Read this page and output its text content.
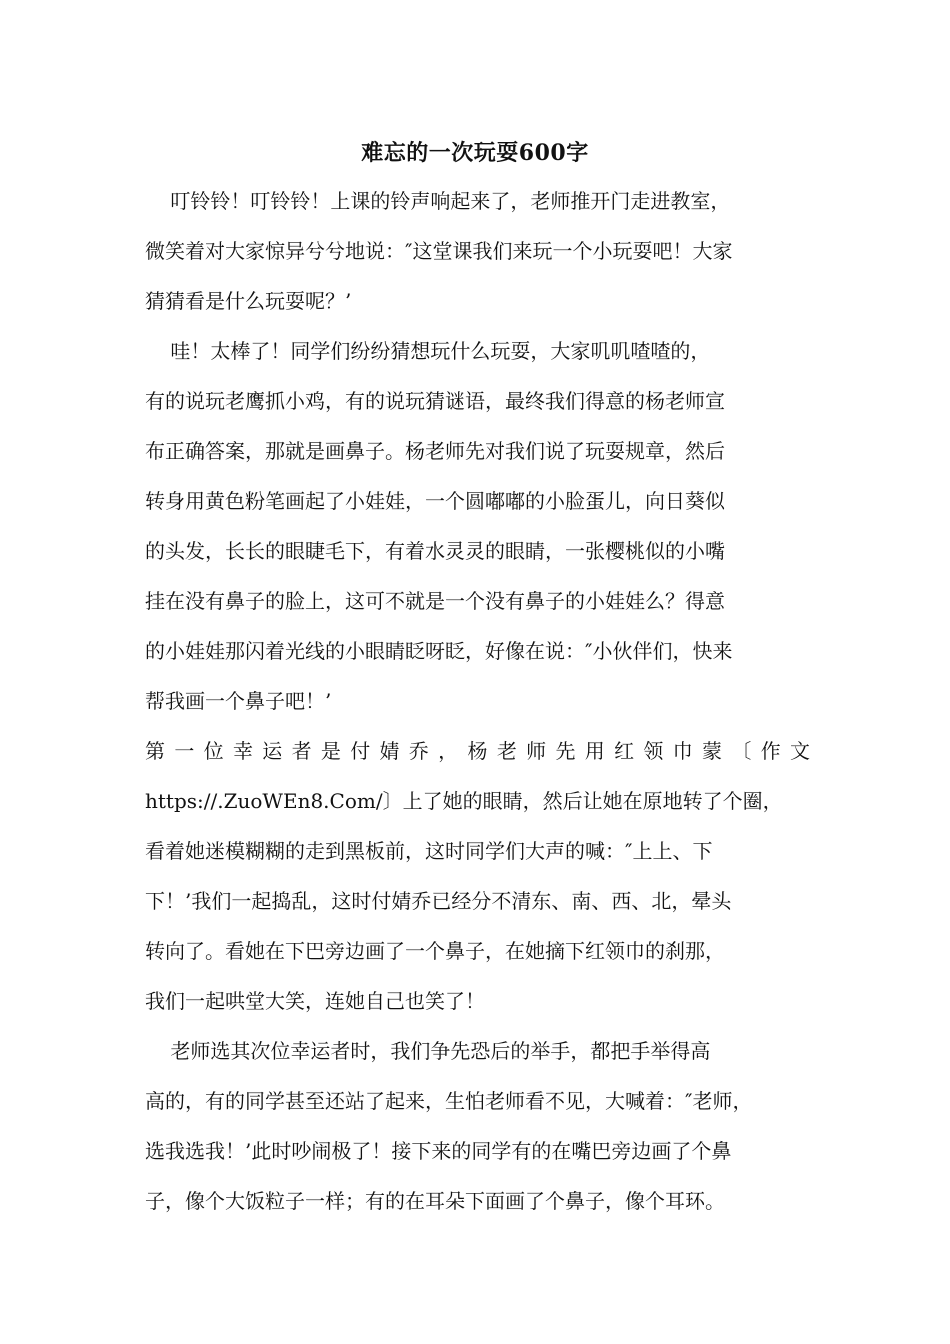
难忘的一次玩耍600字
叮铃铃！叮铃铃！上课的铃声响起来了，老师推开门走进教室，
微笑着对大家惊异兮兮地说：″这堂课我们来玩一个小玩耍吧！大家
猜猜看是什么玩耍呢？’
哇！太棒了！同学们纷纷猜想玩什么玩耍，大家叽叽喳喳的，
有的说玩老鹰抓小鸡，有的说玩猜谜语，最终我们得意的杨老师宣
布正确答案，那就是画鼻子。杨老师先对我们说了玩耍规章，然后
转身用黄色粉笔画起了小娃娃，一个圆嘟嘟的小脸蛋儿，向日葵似
的头发，长长的眼睫毛下，有着水灵灵的眼睛，一张樱桃似的小嘴
挂在没有鼻子的脸上，这可不就是一个没有鼻子的小娃娃么？得意
的小娃娃那闪着光线的小眼睛眨呀眨，好像在说：″小伙伴们，快来
帮我画一个鼻子吧！’
第一位幸运者是付婧乔，杨老师先用红领巾蒙〔作文
https://.ZuoWEn8.Com/〕上了她的眼睛，然后让她在原地转了个圈，
看着她迷模糊糊的走到黑板前，这时同学们大声的喊：″上上、下
下！’我们一起捣乱，这时付婧乔已经分不清东、南、西、北，晕头
转向了。看她在下巴旁边画了一个鼻子，在她摘下红领巾的刹那，
我们一起哄堂大笑，连她自己也笑了！
老师选其次位幸运者时，我们争先恐后的举手，都把手举得高
高的，有的同学甚至还站了起来，生怕老师看不见，大喊着：″老师，
选我选我！’此时吵闹极了！接下来的同学有的在嘴巴旁边画了个鼻
子，像个大饭粒子一样；有的在耳朵下面画了个鼻子，像个耳环。
